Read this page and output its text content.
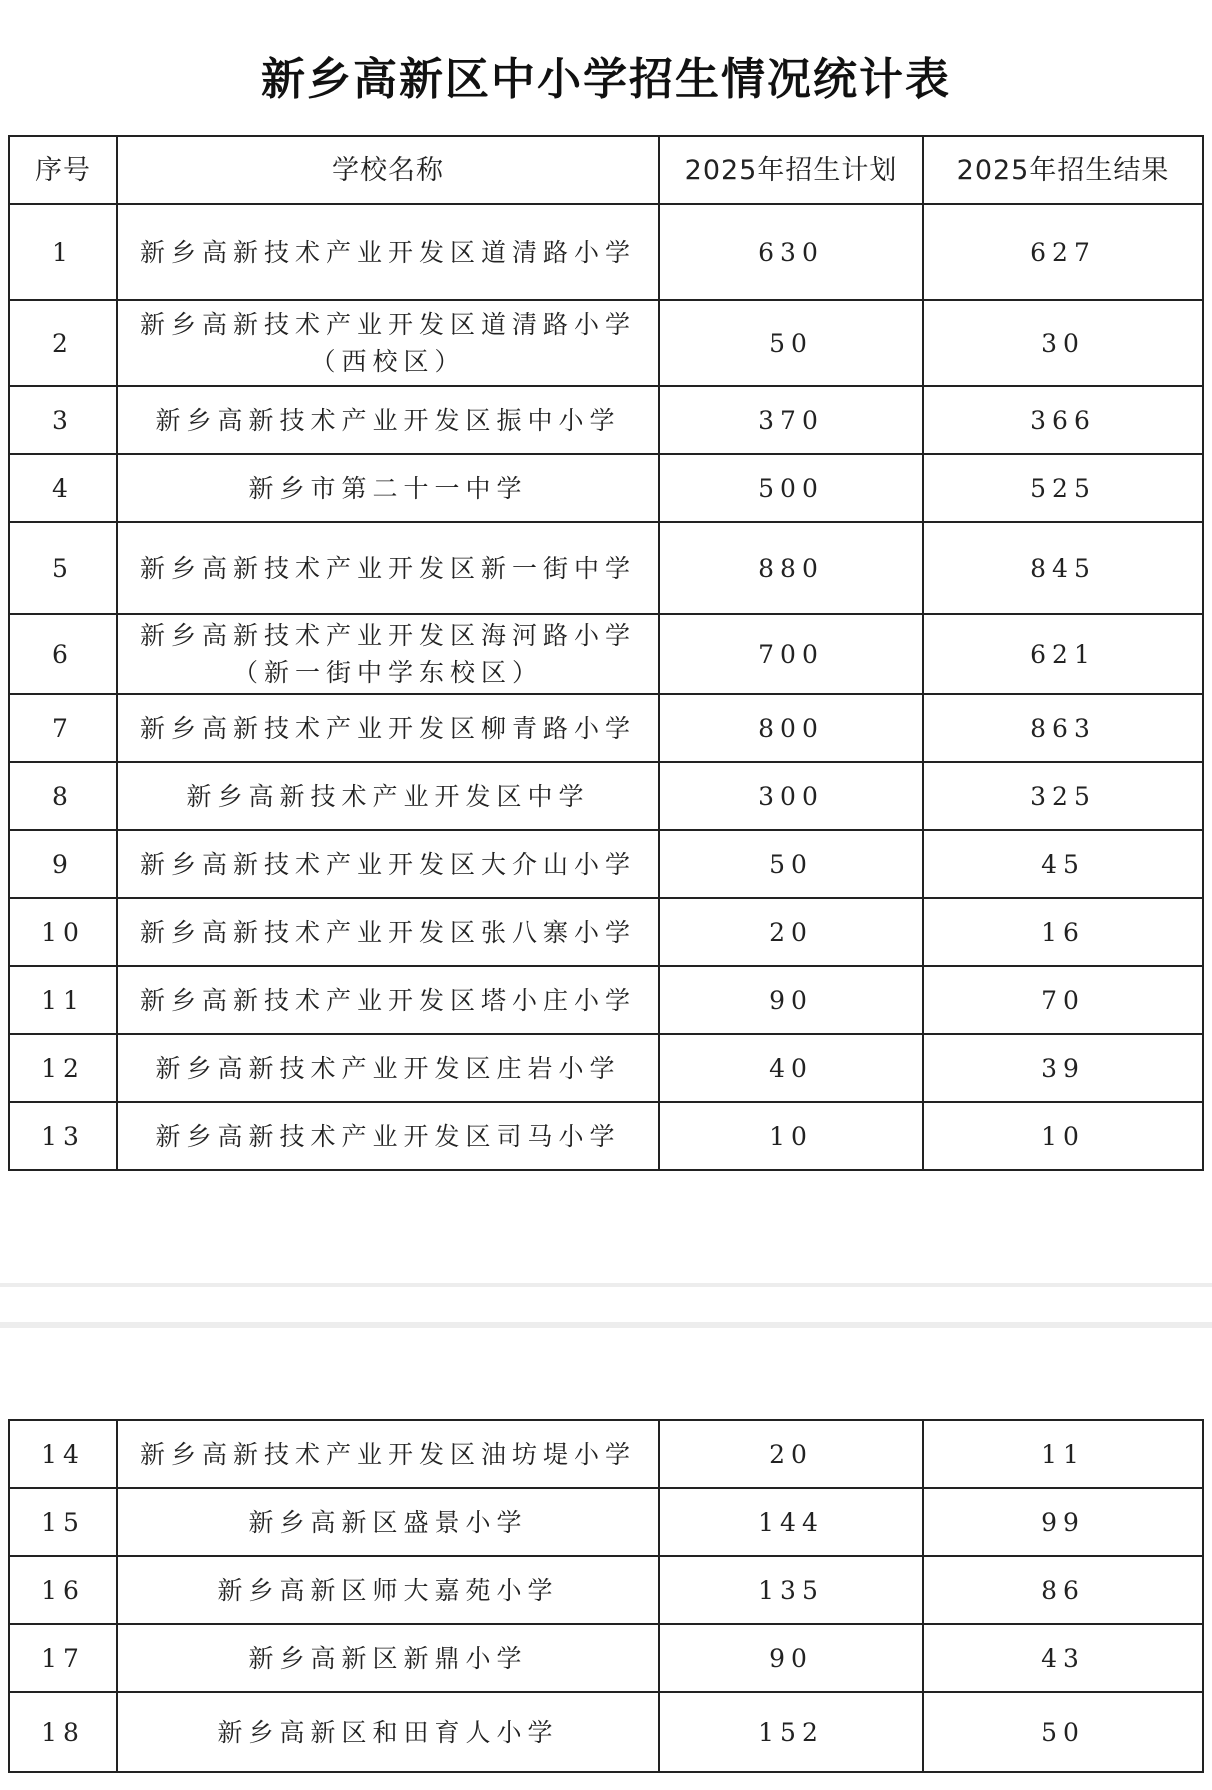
新乡高新区中小学招生情况统计表
序号	学校名称	2025年招生计划	2025年招生结果
1	新乡高新技术产业开发区道清路小学	630	627
2	新乡高新技术产业开发区道清路小学（西校区）	50	30
3	新乡高新技术产业开发区振中小学	370	366
4	新乡市第二十一中学	500	525
5	新乡高新技术产业开发区新一街中学	880	845
6	新乡高新技术产业开发区海河路小学（新一街中学东校区）	700	621
7	新乡高新技术产业开发区柳青路小学	800	863
8	新乡高新技术产业开发区中学	300	325
9	新乡高新技术产业开发区大介山小学	50	45
10	新乡高新技术产业开发区张八寨小学	20	16
11	新乡高新技术产业开发区塔小庄小学	90	70
12	新乡高新技术产业开发区庄岩小学	40	39
13	新乡高新技术产业开发区司马小学	10	10
14	新乡高新技术产业开发区油坊堤小学	20	11
15	新乡高新区盛景小学	144	99
16	新乡高新区师大嘉苑小学	135	86
17	新乡高新区新鼎小学	90	43
18	新乡高新区和田育人小学	152	50
